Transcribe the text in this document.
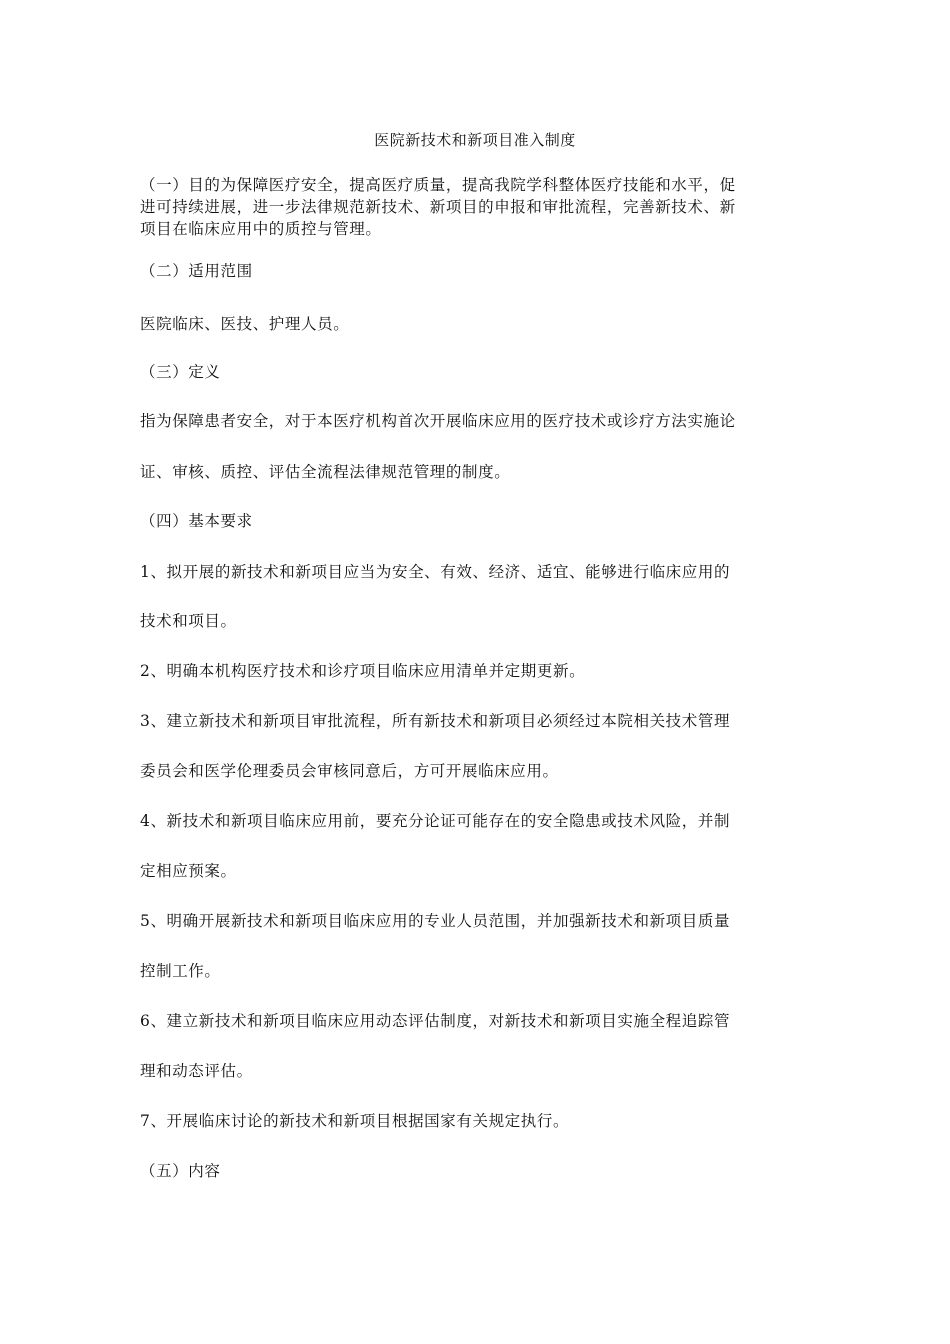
医院新技术和新项目准入制度
（一）目的为保障医疗安全，提高医疗质量，提高我院学科整体医疗技能和水平，促
进可持续进展，进一步法律规范新技术、新项目的申报和审批流程，完善新技术、新
项目在临床应用中的质控与管理。
（二）适用范围
医院临床、医技、护理人员。
（三）定义
指为保障患者安全，对于本医疗机构首次开展临床应用的医疗技术或诊疗方法实施论
证、审核、质控、评估全流程法律规范管理的制度。
（四）基本要求
1、拟开展的新技术和新项目应当为安全、有效、经济、适宜、能够进行临床应用的
技术和项目。
2、明确本机构医疗技术和诊疗项目临床应用清单并定期更新。
3、建立新技术和新项目审批流程，所有新技术和新项目必须经过本院相关技术管理
委员会和医学伦理委员会审核同意后，方可开展临床应用。
4、新技术和新项目临床应用前，要充分论证可能存在的安全隐患或技术风险，并制
定相应预案。
5、明确开展新技术和新项目临床应用的专业人员范围，并加强新技术和新项目质量
控制工作。
6、建立新技术和新项目临床应用动态评估制度，对新技术和新项目实施全程追踪管
理和动态评估。
7、开展临床讨论的新技术和新项目根据国家有关规定执行。
（五）内容
